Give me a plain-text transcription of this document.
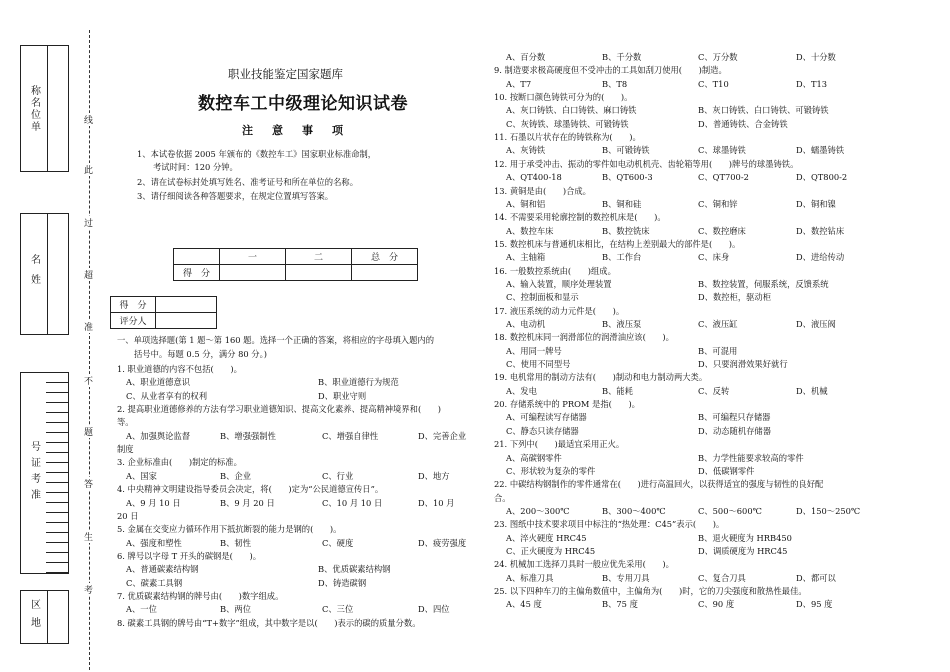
称名位单
名姓
号证考准
区地
线
此
过
超
准
不
题
答
生
考
职业技能鉴定国家题库
数控车工中级理论知识试卷
注　意　事　项
1、本试卷依据 2005 年颁布的《数控车工》国家职业标准命制，
考试时间：120 分钟。
2、请在试卷标封处填写姓名、准考证号和所在单位的名称。
3、请仔细阅读各种答题要求，在规定位置填写答案。
	一	二	总　分
得　分			
得　分	
评分人	
一、单项选择题(第 1 题～第 160 题。选择一个正确的答案，将相应的字母填入题内的
括号中。每题 0.5 分，满分 80 分。)
1. 职业道德的内容不包括(　　)。
A、职业道德意识	B、职业道德行为规范
C、从业者享有的权利	D、职业守则
2. 提高职业道德修养的方法有学习职业道德知识、提高文化素养、提高精神境界和(　　)
等。
A、加强舆论监督	B、增强强制性	C、增强自律性	D、完善企业
制度
3. 企业标准由(　　)制定的标准。
A、国家	B、企业	C、行业	D、地方
4. 中央精神文明建设指导委员会决定，将(　　)定为“公民道德宣传日”。
A、9 月 10 日	B、9 月 20 日	C、10 月 10 日	D、10 月
20 日
5. 金属在交变应力循环作用下抵抗断裂的能力是钢的(　　)。
A、强度和塑性	B、韧性	C、硬度	D、疲劳强度
6. 牌号以字母 T 开头的碳钢是(　　)。
A、普通碳素结构钢	B、优质碳素结构钢
C、碳素工具钢	D、铸造碳钢
7. 优质碳素结构钢的牌号由(　　)数字组成。
A、一位	B、两位	C、三位	D、四位
8. 碳素工具钢的牌号由“T+数字”组成，其中数字是以(　　)表示的碳的质量分数。
A、百分数	B、千分数	C、万分数	D、十分数
9. 制造要求极高硬度但不受冲击的工具如刮刀使用(　　)制造。
A、T7	B、T8	C、T10	D、T13
10. 按断口颜色铸铁可分为的(　　)。
A、灰口铸铁、白口铸铁、麻口铸铁	B、灰口铸铁、白口铸铁、可锻铸铁
C、灰铸铁、球墨铸铁、可锻铸铁	D、普通铸铁、合金铸铁
11. 石墨以片状存在的铸铁称为(　　)。
A、灰铸铁	B、可锻铸铁	C、球墨铸铁	D、蠕墨铸铁
12. 用于承受冲击、振动的零件如电动机机壳、齿轮箱等用(　　)牌号的球墨铸铁。
A、QT400-18	B、QT600-3	C、QT700-2	D、QT800-2
13. 黄铜是由(　　)合成。
A、铜和铝	B、铜和硅	C、铜和锌	D、铜和镍
14. 不需要采用轮廓控制的数控机床是(　　)。
A、数控车床	B、数控铣床	C、数控磨床	D、数控钻床
15. 数控机床与普通机床相比，在结构上差别最大的部件是(　　)。
A、主轴箱	B、工作台	C、床身	D、进给传动
16. 一般数控系统由(　　)组成。
A、输入装置，顺序处理装置	B、数控装置，伺服系统，反馈系统
C、控制面板和显示	D、数控柜，驱动柜
17. 液压系统的动力元件是(　　)。
A、电动机	B、液压泵	C、液压缸	D、液压阀
18. 数控机床同一润滑部位的润滑油应该(　　)。
A、用同一牌号	B、可混用
C、使用不同型号	D、只要润滑效果好就行
19. 电机常用的制动方法有(　　)制动和电力制动两大类。
A、发电	B、能耗	C、反转	D、机械
20. 存储系统中的 PROM 是指(　　)。
A、可编程读写存储器	B、可编程只存储器
C、静态只读存储器	D、动态随机存储器
21. 下列中(　　)最适宜采用正火。
A、高碳钢零件	B、力学性能要求较高的零件
C、形状较为复杂的零件	D、低碳钢零件
22. 中碳结构钢制作的零件通常在(　　)进行高温回火，以获得适宜的强度与韧性的良好配
合。
A、200～300℃	B、300～400℃	C、500～600℃	D、150～250℃
23. 图纸中技术要求项目中标注的“热处理：C45”表示(　　)。
A、淬火硬度 HRC45	B、退火硬度为 HRB450
C、正火硬度为 HRC45	D、调质硬度为 HRC45
24. 机械加工选择刀具时一般应优先采用(　　)。
A、标准刀具	B、专用刀具	C、复合刀具	D、都可以
25. 以下四种车刀的主偏角数值中，主偏角为(　　)时，它的刀尖强度和散热性最佳。
A、45 度	B、75 度	C、90 度	D、95 度
